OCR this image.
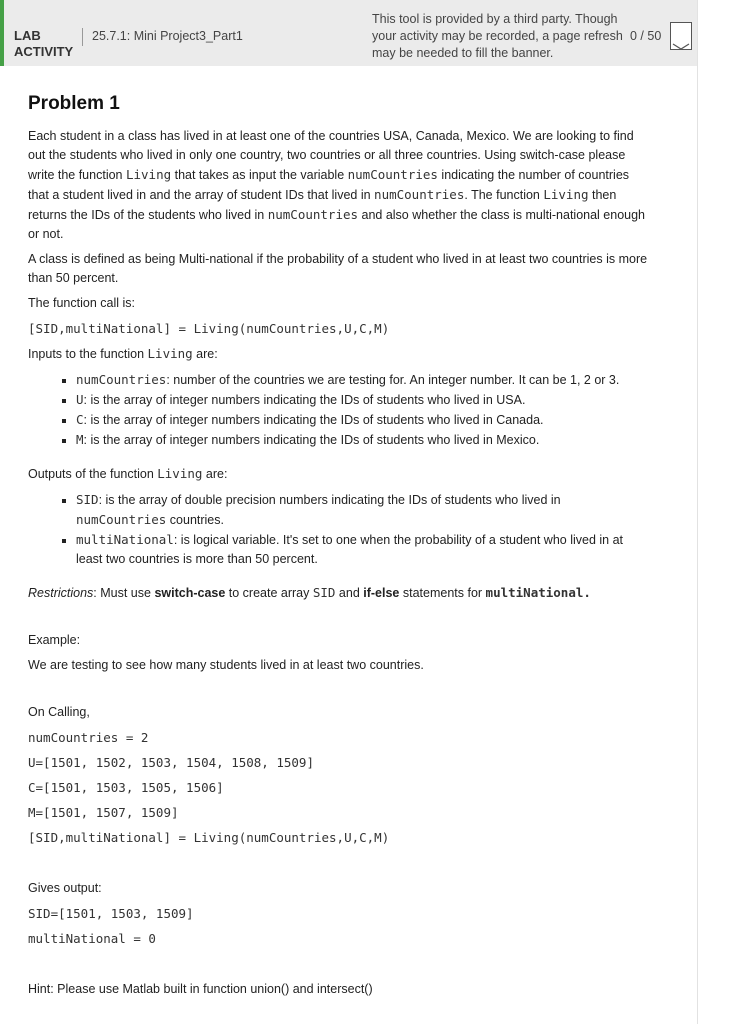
LAB
ACTIVITY
25.7.1: Mini Project3_Part1
This tool is provided by a third party. Though your activity may be recorded, a page refresh may be needed to fill the banner.
0 / 50
Problem 1

Each student in a class has lived in at least one of the countries USA, Canada, Mexico. We are looking to find out the students who lived in only one country, two countries or all three countries. Using switch-case please write the function Living that takes as input the variable numCountries indicating the number of countries that a student lived in and the array of student IDs that lived in numCountries. The function Living then returns the IDs of the students who lived in numCountries and also whether the class is multi-national enough or not.

A class is defined as being Multi-national if the probability of a student who lived in at least two countries is more than 50 percent.

The function call is:

[SID,multiNational] = Living(numCountries,U,C,M)

Inputs to the function Living are:

▪ numCountries: number of the countries we are testing for. An integer number. It can be 1, 2 or 3.
▪ U: is the array of integer numbers indicating the IDs of students who lived in USA.
▪ C: is the array of integer numbers indicating the IDs of students who lived in Canada.
▪ M: is the array of integer numbers indicating the IDs of students who lived in Mexico.

Outputs of the function Living are:

▪ SID: is the array of double precision numbers indicating the IDs of students who lived in numCountries countries.
▪ multiNational: is logical variable. It's set to one when the probability of a student who lived in at least two countries is more than 50 percent.

Restrictions: Must use switch-case to create array SID and if-else statements for multiNational.

Example:

We are testing to see how many students lived in at least two countries.

On Calling,

numCountries = 2
U=[1501, 1502, 1503, 1504, 1508, 1509]
C=[1501, 1503, 1505, 1506]
M=[1501, 1507, 1509]
[SID,multiNational] = Living(numCountries,U,C,M)

Gives output:

SID=[1501, 1503, 1509]
multiNational = 0

Hint: Please use Matlab built in function union() and intersect()
